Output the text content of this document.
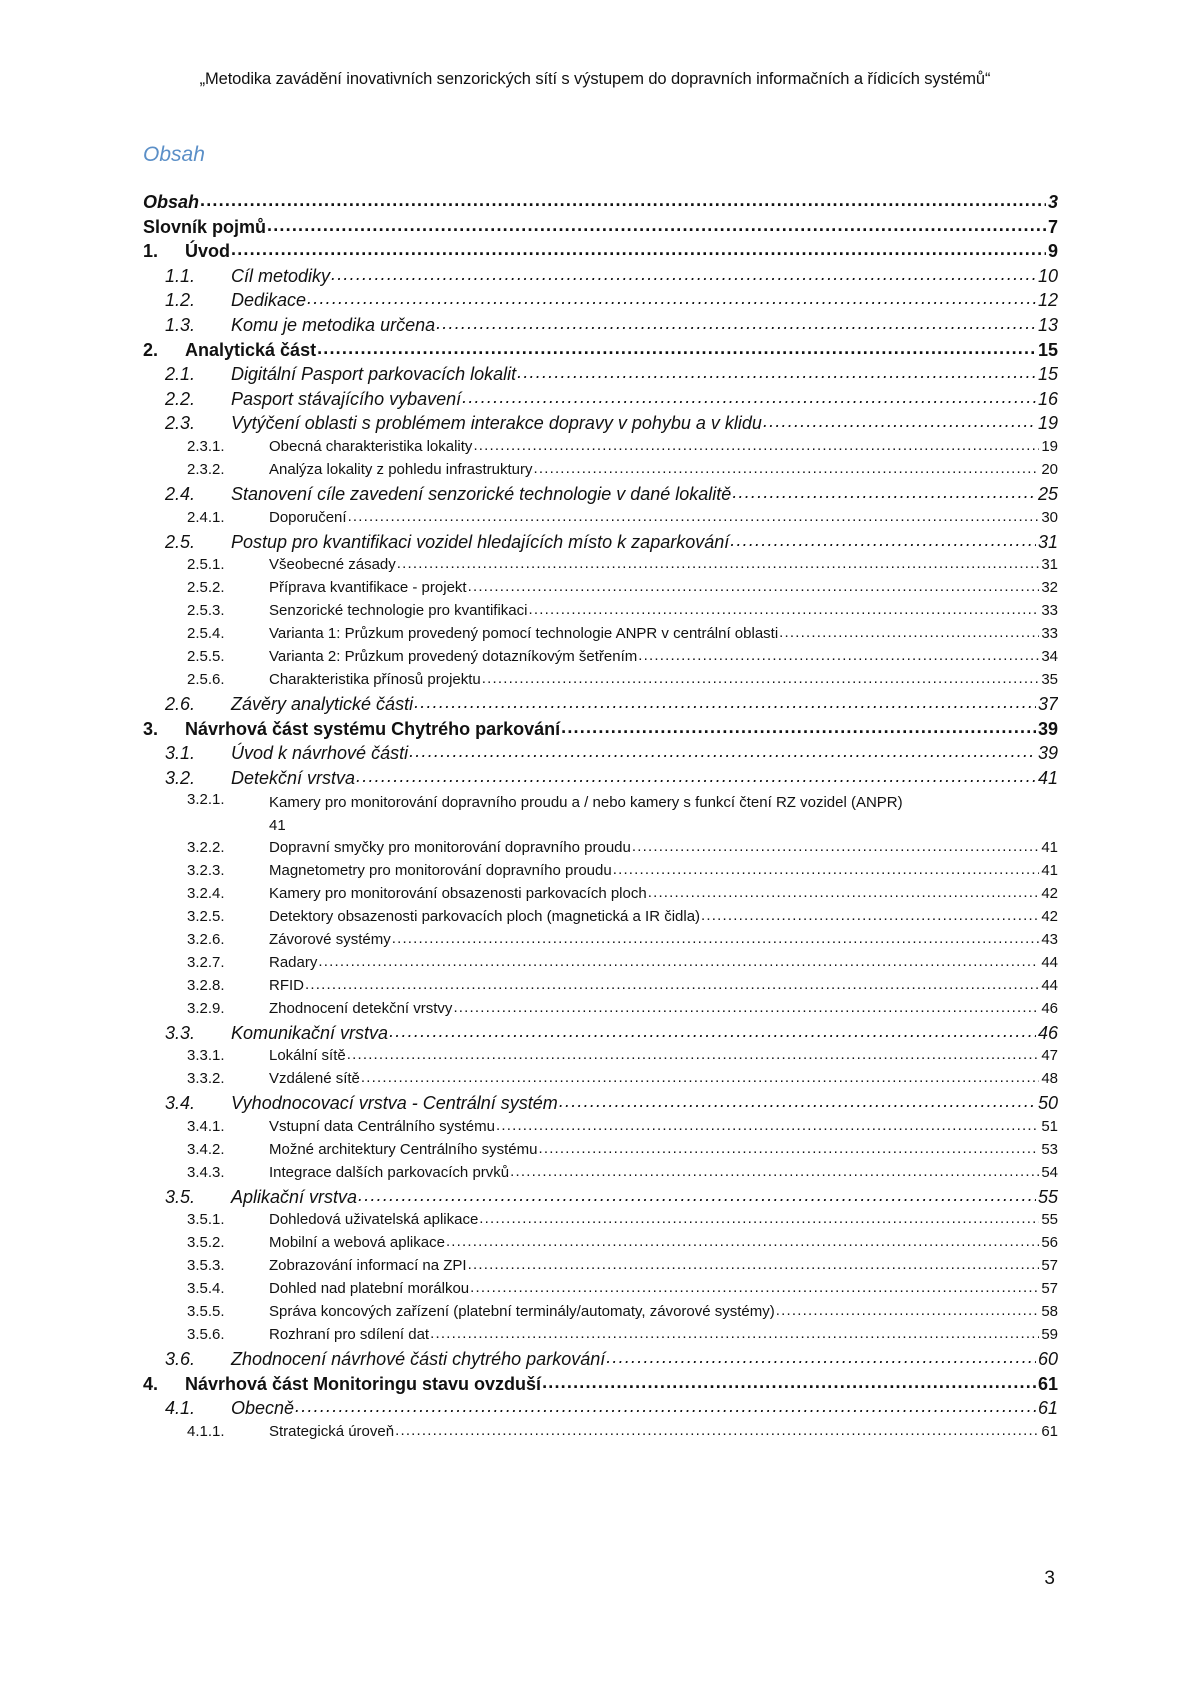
„Metodika zavádění inovativních senzorických sítí s výstupem do dopravních informačních a řídicích systémů“
Obsah
Obsah .....	3
Slovník pojmů .....	7
1.	Úvod .....	9
1.1.	Cíl metodiky .....	10
1.2.	Dedikace .....	12
1.3.	Komu je metodika určena .....	13
2.	Analytická část .....	15
2.1.	Digitální Pasport parkovacích lokalit .....	15
2.2.	Pasport stávajícího vybavení .....	16
2.3.	Vytýčení oblasti s problémem interakce dopravy v pohybu a v klidu .....	19
2.3.1.	Obecná charakteristika lokality .....	19
2.3.2.	Analýza lokality z pohledu infrastruktury .....	20
2.4.	Stanovení cíle zavedení senzorické technologie v dané lokalitě .....	25
2.4.1.	Doporučení .....	30
2.5.	Postup pro kvantifikaci vozidel hledajících místo k zaparkování .....	31
2.5.1.	Všeobecné zásady .....	31
2.5.2.	Příprava kvantifikace - projekt .....	32
2.5.3.	Senzorické technologie pro kvantifikaci .....	33
2.5.4.	Varianta 1: Průzkum provedený pomocí technologie ANPR v centrální oblasti .....	33
2.5.5.	Varianta 2: Průzkum provedený dotazníkovým šetřením .....	34
2.5.6.	Charakteristika přínosů projektu .....	35
2.6.	Závěry analytické části .....	37
3.	Návrhová část systému Chytrého parkování .....	39
3.1.	Úvod k návrhové části .....	39
3.2.	Detekční vrstva .....	41
3.2.1.	Kamery pro monitorování dopravního proudu a / nebo kamery s funkcí čtení RZ vozidel (ANPR)
41
3.2.2.	Dopravní smyčky pro monitorování dopravního proudu .....	41
3.2.3.	Magnetometry pro monitorování dopravního proudu .....	41
3.2.4.	Kamery pro monitorování obsazenosti parkovacích ploch .....	42
3.2.5.	Detektory obsazenosti parkovacích ploch (magnetická a IR čidla) .....	42
3.2.6.	Závorové systémy .....	43
3.2.7.	Radary .....	44
3.2.8.	RFID .....	44
3.2.9.	Zhodnocení detekční vrstvy .....	46
3.3.	Komunikační vrstva .....	46
3.3.1.	Lokální sítě .....	47
3.3.2.	Vzdálené sítě .....	48
3.4.	Vyhodnocovací vrstva - Centrální systém .....	50
3.4.1.	Vstupní data Centrálního systému .....	51
3.4.2.	Možné architektury Centrálního systému .....	53
3.4.3.	Integrace dalších parkovacích prvků .....	54
3.5.	Aplikační vrstva .....	55
3.5.1.	Dohledová uživatelská aplikace .....	55
3.5.2.	Mobilní a webová aplikace .....	56
3.5.3.	Zobrazování informací na ZPI .....	57
3.5.4.	Dohled nad platební morálkou .....	57
3.5.5.	Správa koncových zařízení (platební terminály/automaty, závorové systémy) .....	58
3.5.6.	Rozhraní pro sdílení dat .....	59
3.6.	Zhodnocení návrhové části chytrého parkování .....	60
4.	Návrhová část Monitoringu stavu ovzduší .....	61
4.1.	Obecně .....	61
4.1.1.	Strategická úroveň .....	61
3
